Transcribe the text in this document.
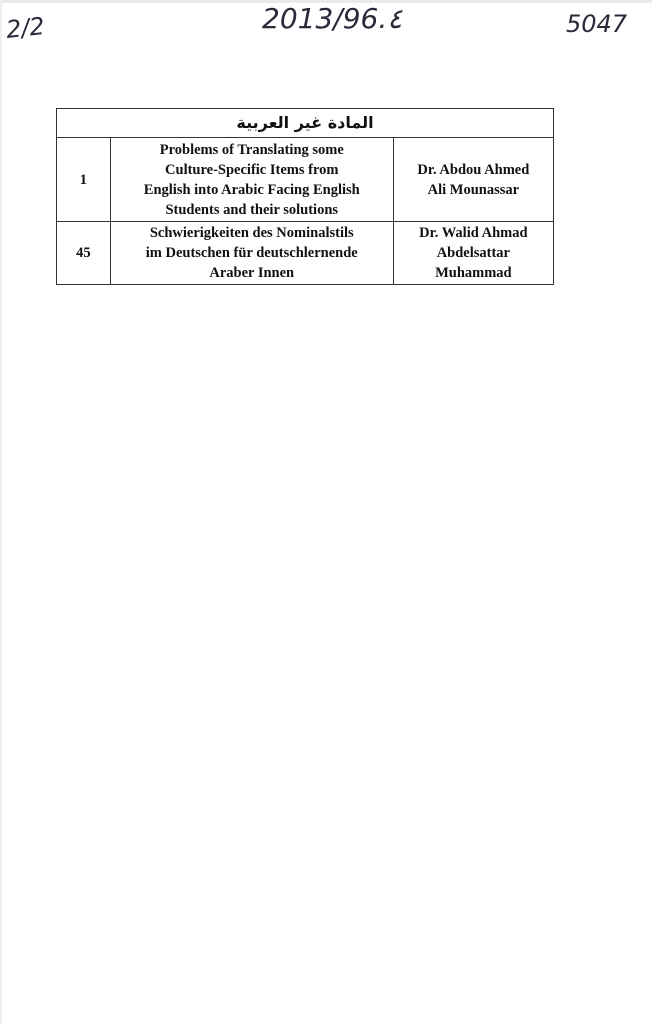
2/2	2013/96.٤	5047
المادة غير العربية		
1	Problems of Translating some
Culture-Specific Items from
English into Arabic Facing English
Students and their solutions	Dr. Abdou Ahmed
Ali Mounassar

45	Schwierigkeiten des Nominalstils
im Deutschen für deutschlernende
Araber Innen	Dr. Walid Ahmad
Abdelsattar
Muhammad
